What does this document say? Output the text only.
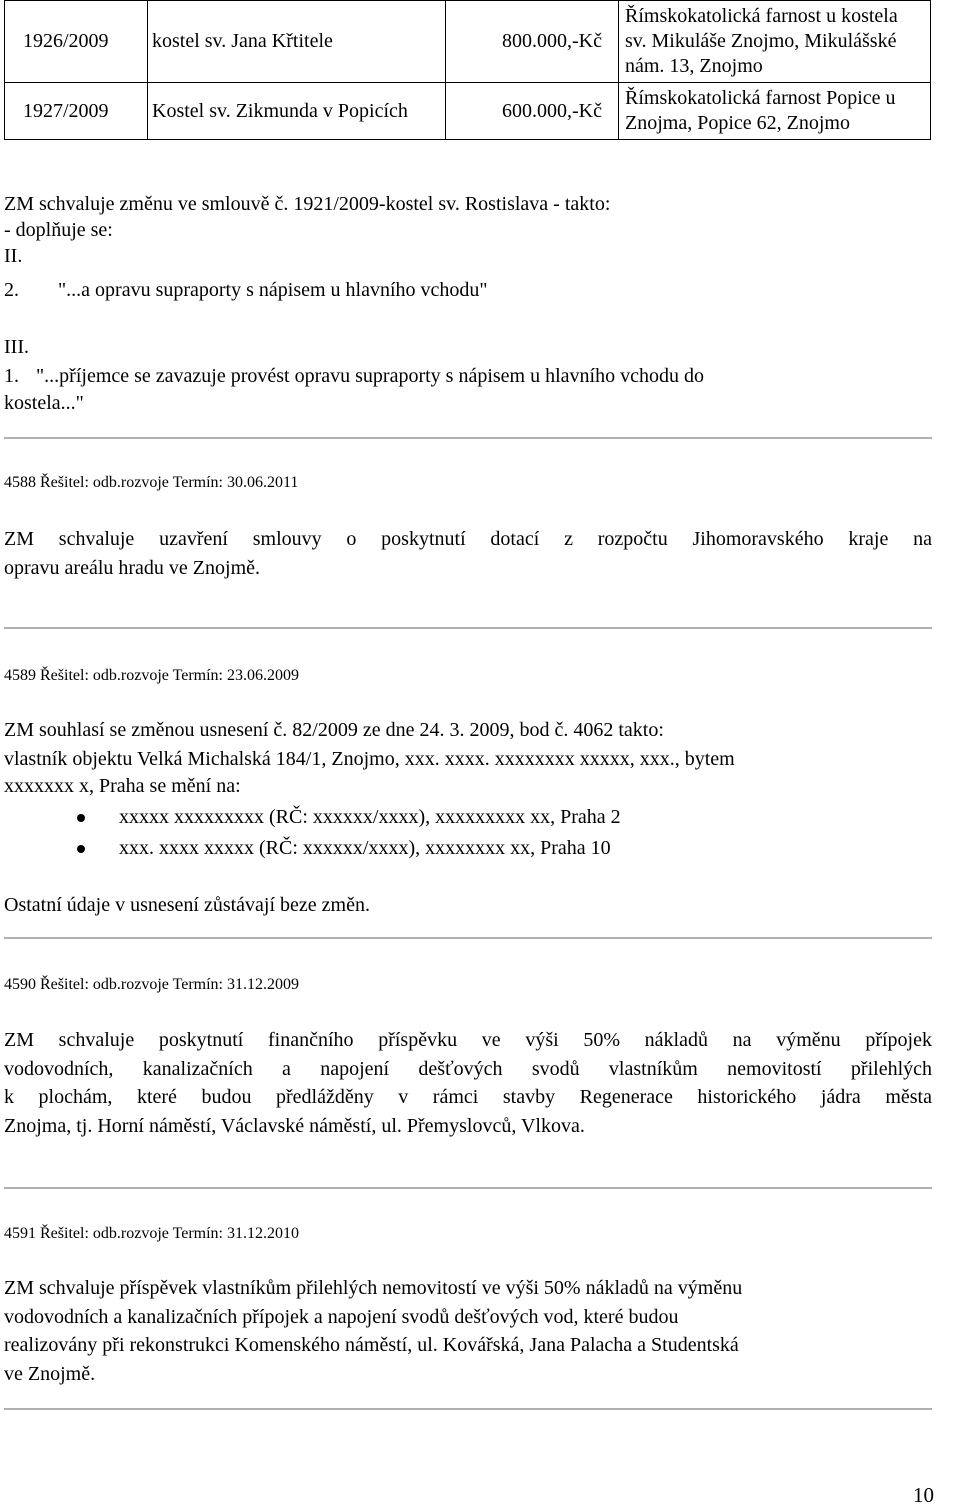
1926/2009	kostel sv. Jana Křtitele	800.000,-Kč	Římskokatolická farnost u kostela
sv. Mikuláše Znojmo, Mikulášské
nám. 13, Znojmo

1927/2009	Kostel sv. Zikmunda v Popicích	600.000,-Kč	Římskokatolická farnost Popice u
Znojma, Popice 62, Znojmo
ZM schvaluje změnu ve smlouvě č. 1921/2009-kostel sv. Rostislava - takto:
- doplňuje se:
II.
2. "...a opravu supraporty s nápisem u hlavního vchodu"
III.
1. "...příjemce se zavazuje provést opravu supraporty s nápisem u hlavního vchodu do
kostela..."
4588 Řešitel: odb.rozvoje Termín: 30.06.2011
ZM schvaluje uzavření smlouvy o poskytnutí dotací z rozpočtu Jihomoravského kraje na
opravu areálu hradu ve Znojmě.
4589 Řešitel: odb.rozvoje Termín: 23.06.2009
ZM souhlasí se změnou usnesení č. 82/2009 ze dne 24. 3. 2009, bod č. 4062 takto:
vlastník objektu Velká Michalská 184/1, Znojmo, xxx. xxxx. xxxxxxxx xxxxx, xxx., bytem
xxxxxxx x, Praha se mění na:
xxxxx xxxxxxxxx (RČ: xxxxxx/xxxx), xxxxxxxxx xx, Praha 2
xxx. xxxx xxxxx (RČ: xxxxxx/xxxx), xxxxxxxx xx, Praha 10
Ostatní údaje v usnesení zůstávají beze změn.
4590 Řešitel: odb.rozvoje Termín: 31.12.2009
ZM schvaluje poskytnutí finančního příspěvku ve výši 50% nákladů na výměnu přípojek
vodovodních, kanalizačních a napojení dešťových svodů vlastníkům nemovitostí přilehlých
k plochám, které budou předlážděny v rámci stavby Regenerace historického jádra města
Znojma, tj. Horní náměstí, Václavské náměstí, ul. Přemyslovců, Vlkova.
4591 Řešitel: odb.rozvoje Termín: 31.12.2010
ZM schvaluje příspěvek vlastníkům přilehlých nemovitostí ve výši 50% nákladů na výměnu
vodovodních a kanalizačních přípojek a napojení svodů dešťových vod, které budou
realizovány při rekonstrukci Komenského náměstí, ul. Kovářská, Jana Palacha a Studentská
ve Znojmě.
10
